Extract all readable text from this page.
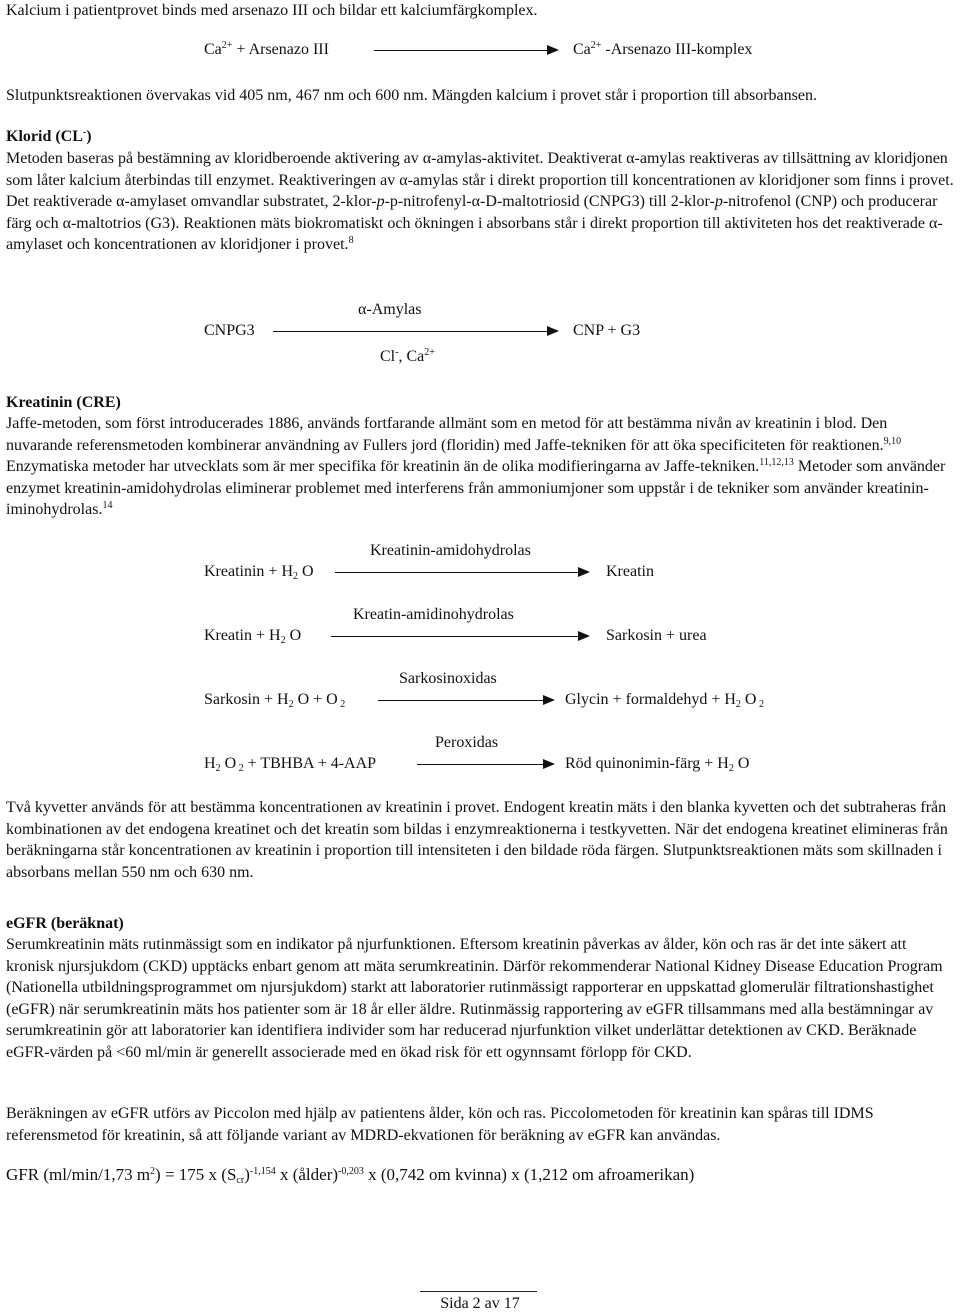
Kalcium i patientprovet binds med arsenazo III och bildar ett kalciumfärgkomplex.

$Ca^{2+}$ + Arsenazo III	$Ca^{2+}$ -Arsenazo III-komplex

Slutpunktsreaktionen övervakas vid 405 nm, 467 nm och 600 nm. Mängden kalcium i provet står i proportion till absorbansen.

Klorid (CL-)

Metoden baseras på bestämning av kloridberoende aktivering av α-amylas-aktivitet. Deaktiverat α-amylas reaktiveras av tillsättning av kloridjonen som låter kalcium återbindas till enzymet. Reaktiveringen av α-amylas står i direkt proportion till koncentrationen av kloridjoner som finns i provet. Det reaktiverade α-amylaset omvandlar substratet, 2-klor-p-p-nitrofenyl-α-D-maltotriosid (CNPG3) till 2-klor-p-nitrofenol (CNP) och producerar färg och α-maltotrios (G3). Reaktionen mäts biokromatiskt och ökningen i absorbans står i direkt proportion till aktiviteten hos det reaktiverade α-amylaset och koncentrationen av kloridjoner i provet.$^8$

α-Amylas
CNPG3	CNP + G3
Cl-, $Ca^{2+}$

Kreatinin (CRE)

Jaffe-metoden, som först introducerades 1886, används fortfarande allmänt som en metod för att bestämma nivån av kreatinin i blod. Den nuvarande referensmetoden kombinerar användning av Fullers jord (floridin) med Jaffe-tekniken för att öka specificiteten för reaktionen.$^{9,10}$ Enzymatiska metoder har utvecklats som är mer specifika för kreatinin än de olika modifieringarna av Jaffe-tekniken.$^{11,12,13}$ Metoder som använder enzymet kreatinin-amidohydrolas eliminerar problemet med interferens från ammoniumjoner som uppstår i de tekniker som använder kreatinin-iminohydrolas.$^{14}$

Kreatinin-amidohydrolas
Kreatinin + $H_2$ O	Kreatin
Kreatin-amidinohydrolas
Kreatin + $H_2$ O	Sarkosin + urea
Sarkosinoxidas
Sarkosin + $H_2$ O + O $_2$	Glycin + formaldehyd + $H_2$ O $_2$
Peroxidas
$H_2$ O $_2$ + TBHBA + 4-AAP	Röd quinonimin-färg + $H_2$ O

Två kyvetter används för att bestämma koncentrationen av kreatinin i provet. Endogent kreatin mäts i den blanka kyvetten och det subtraheras från kombinationen av det endogena kreatinet och det kreatin som bildas i enzymreaktionerna i testkyvetten. När det endogena kreatinet elimineras från beräkningarna står koncentrationen av kreatinin i proportion till intensiteten i den bildade röda färgen. Slutpunktsreaktionen mäts som skillnaden i absorbans mellan 550 nm och 630 nm.

eGFR (beräknat)

Serumkreatinin mäts rutinmässigt som en indikator på njurfunktionen. Eftersom kreatinin påverkas av ålder, kön och ras är det inte säkert att kronisk njursjukdom (CKD) upptäcks enbart genom att mäta serumkreatinin. Därför rekommenderar National Kidney Disease Education Program (Nationella utbildningsprogrammet om njursjukdom) starkt att laboratorier rutinmässigt rapporterar en uppskattad glomerulär filtrationshastighet (eGFR) när serumkreatinin mäts hos patienter som är 18 år eller äldre. Rutinmässig rapportering av eGFR tillsammans med alla bestämningar av serumkreatinin gör att laboratorier kan identifiera individer som har reducerad njurfunktion vilket underlättar detektionen av CKD. Beräknade eGFR-värden på <60 ml/min är generellt associerade med en ökad risk för ett ogynnsamt förlopp för CKD.

Beräkningen av eGFR utförs av Piccolon med hjälp av patientens ålder, kön och ras. Piccolometoden för kreatinin kan spåras till IDMS referensmetod för kreatinin, så att följande variant av MDRD-ekvationen för beräkning av eGFR kan användas.

GFR (ml/min/1,73 $m^2) = 175$ x $(S_{cr})^{-1,154}$ x (ålder)$^{-0,203}$ x (0,742 om kvinna) x (1,212 om afroamerikan)

Sida 2 av 17
